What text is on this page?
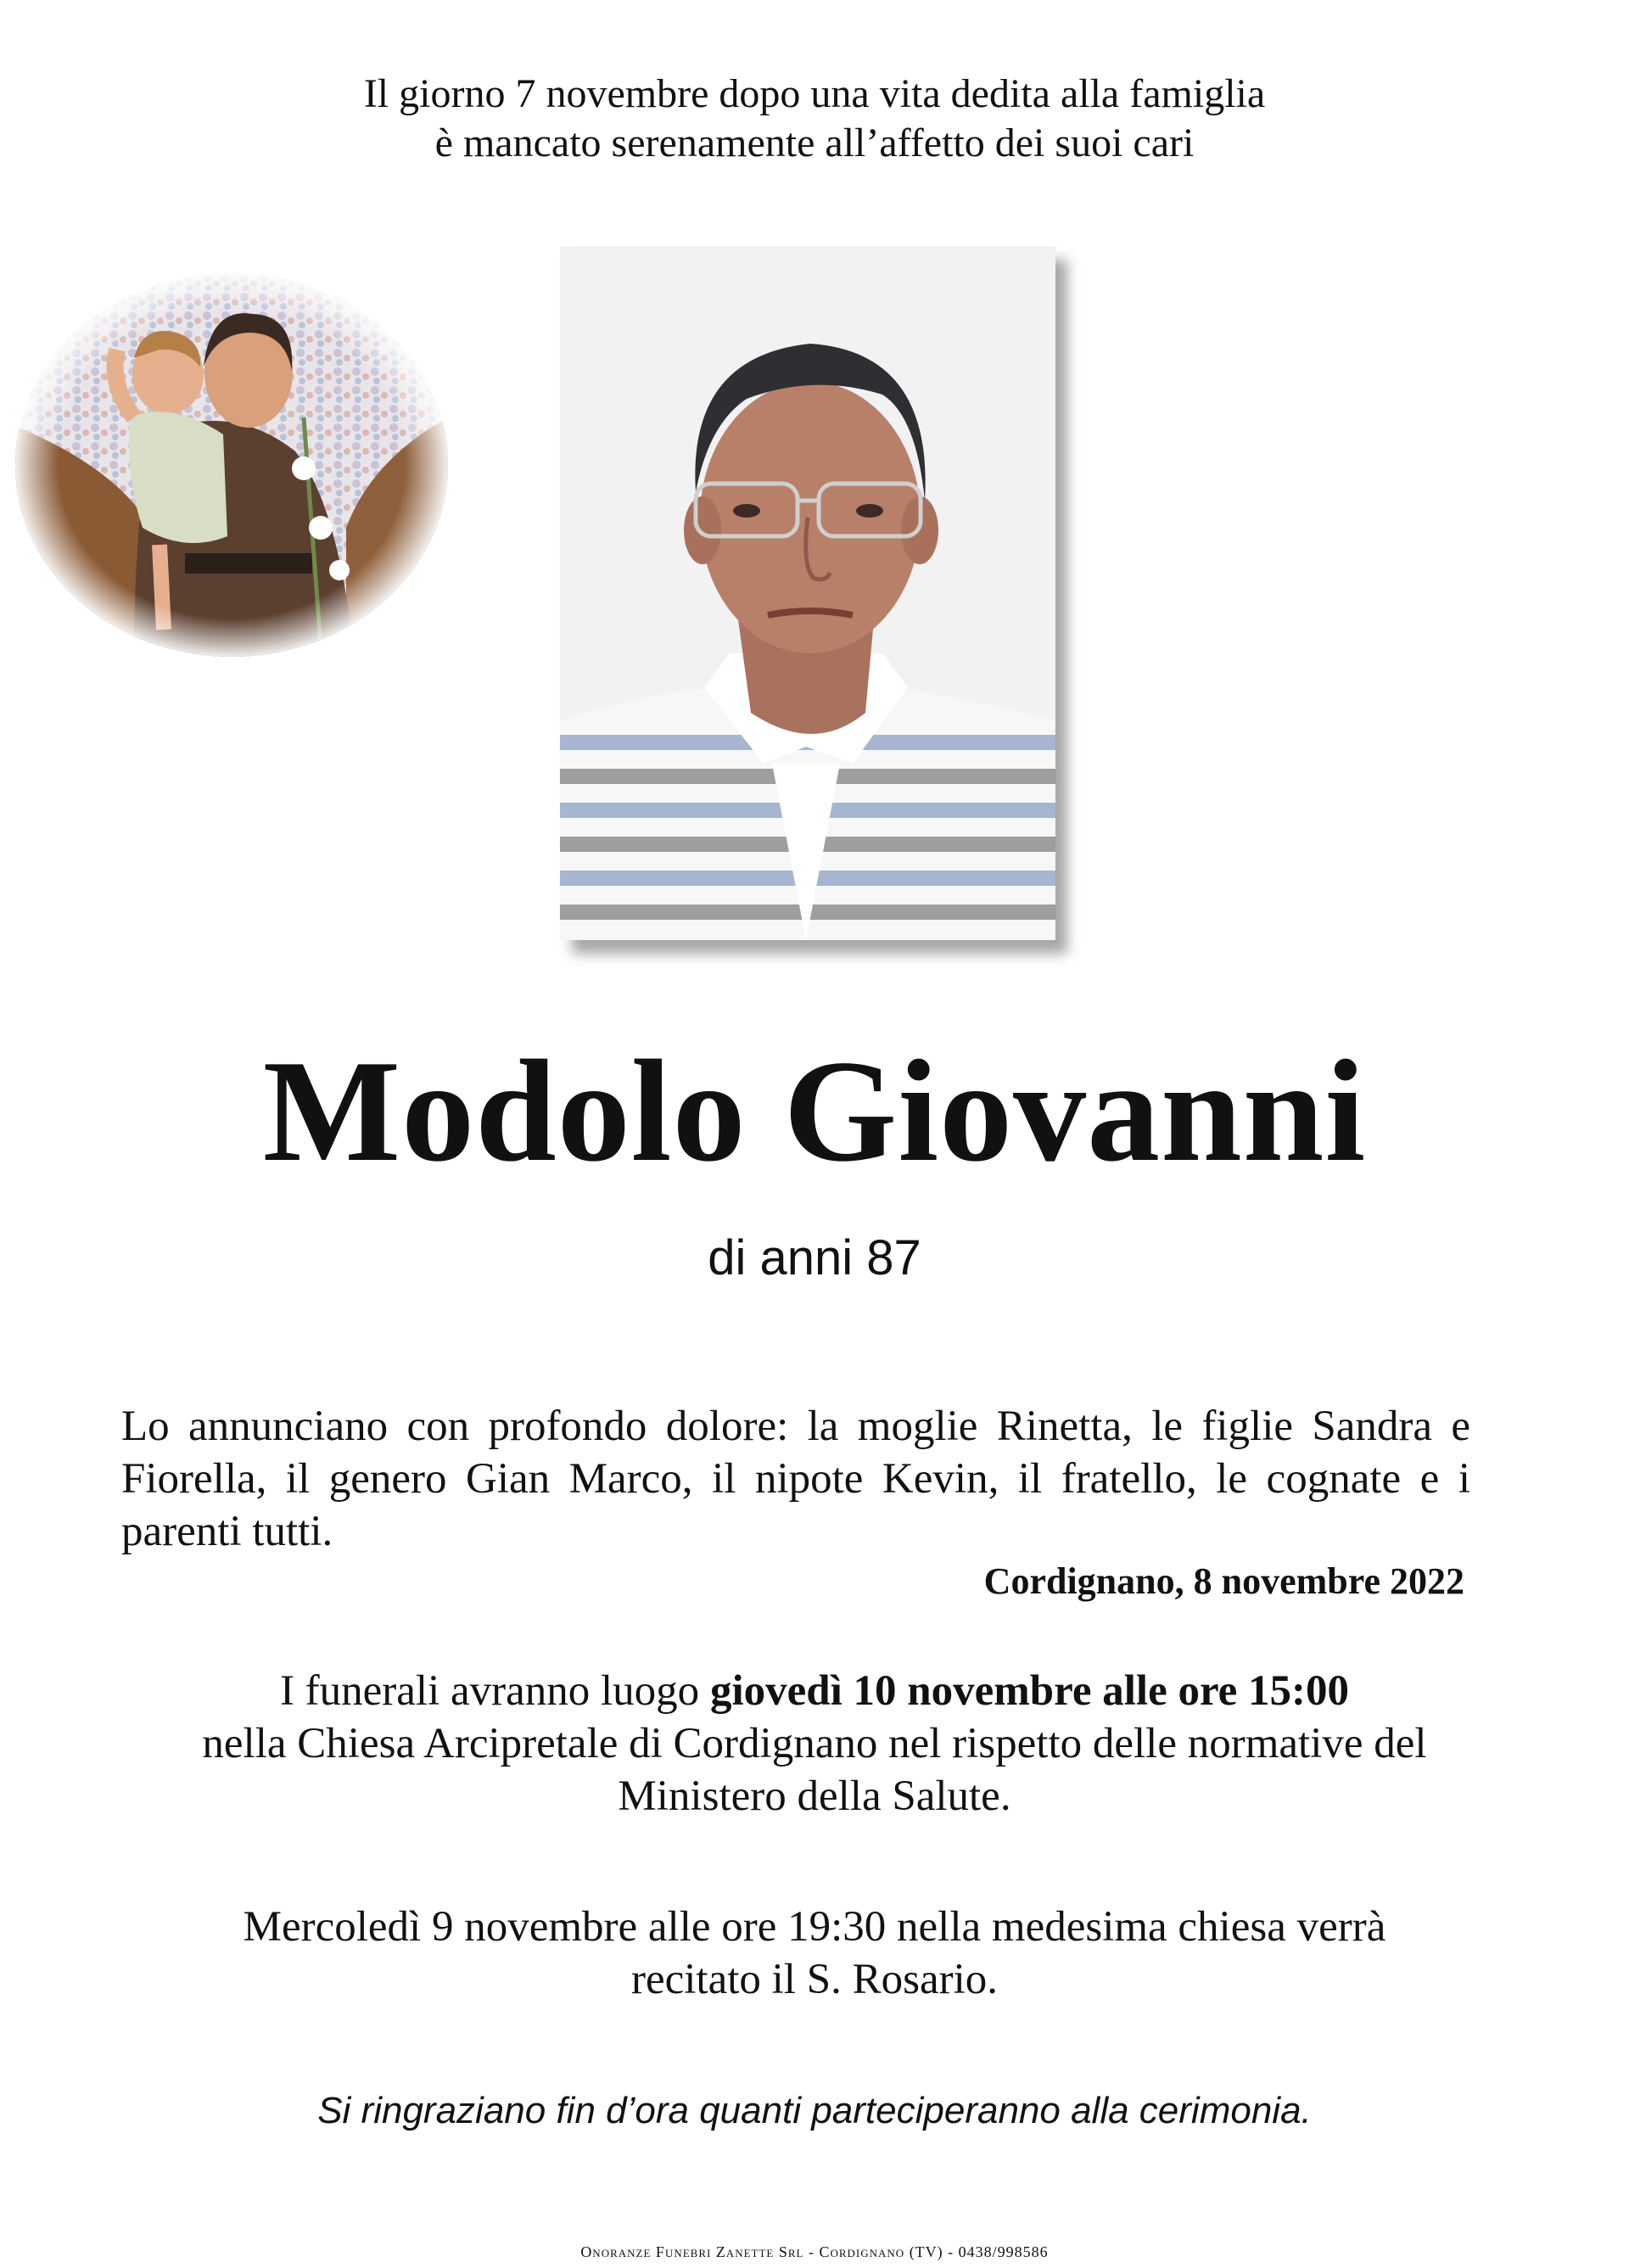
Il giorno 7 novembre dopo una vita dedita alla famiglia
è mancato serenamente all’affetto dei suoi cari
Modolo Giovanni
di anni 87
Lo annunciano con profondo dolore: la moglie Rinetta, le figlie Sandra e Fiorella, il genero Gian Marco, il nipote Kevin, il fratello, le cognate e i parenti tutti.
Cordignano, 8 novembre 2022
I funerali avranno luogo giovedì 10 novembre alle ore 15:00
nella Chiesa Arcipretale di Cordignano nel rispetto delle normative del
Ministero della Salute.
Mercoledì 9 novembre alle ore 19:30 nella medesima chiesa verrà
recitato il S. Rosario.
Si ringraziano fin d’ora quanti parteciperanno alla cerimonia.
Onoranze Funebri Zanette Srl - Cordignano (TV) - 0438/998586
